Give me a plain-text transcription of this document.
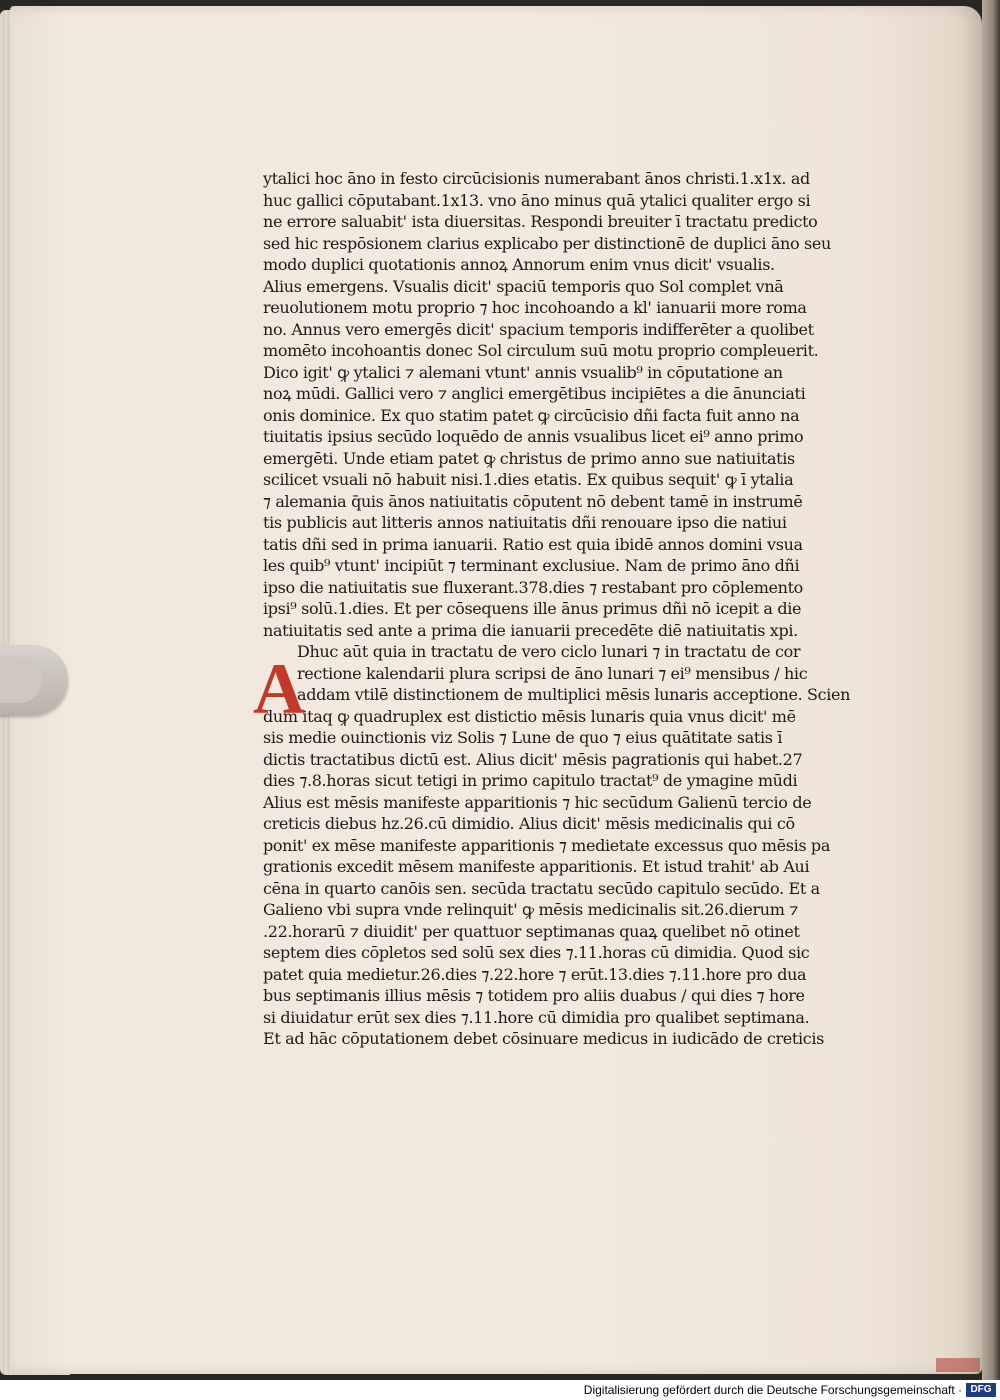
A
ytalici hoc āno in festo circūcisionis numerabant ānos christi.1.x1x. ad
huc gallici cōputabant.1x13. vno āno minus quā ytalici qualiter ergo si
ne errore saluabit' ista diuersitas. Respondi breuiter ī tractatu predicto
sed hic respōsionem clarius explicabo per distinctionē de duplici āno seu
modo duplici quotationis annoꝝ Annorum enim vnus dicit' vsualis.
Alius emergens. Vsualis dicit' spaciū temporis quo Sol complet vnā
reuolutionem motu proprio ⁊ hoc incohoando a kl' ianuarii more roma
no. Annus vero emergēs dicit' spacium temporis indifferēter a quolibet
momēto incohoantis donec Sol circulum suū motu proprio compleuerit.
Dico igit' ꝙ ytalici ⁊ alemani vtunt' annis vsualib⁹ in cōputatione an
noꝝ mūdi. Gallici vero ⁊ anglici emergētibus incipiētes a die ānunciati
onis dominice. Ex quo statim patet ꝙ circūcisio dñi facta fuit anno na
tiuitatis ipsius secūdo loquēdo de annis vsualibus licet ei⁹ anno primo
emergēti. Unde etiam patet ꝙ christus de primo anno sue natiuitatis
scilicet vsuali nō habuit nisi.1.dies etatis. Ex quibus sequit' ꝙ ī ytalia
⁊ alemania q̄uis ānos natiuitatis cōputent nō debent tamē in instrumē
tis publicis aut litteris annos natiuitatis dñi renouare ipso die natiui
tatis dñi sed in prima ianuarii. Ratio est quia ibidē annos domini vsua
les quib⁹ vtunt' incipiūt ⁊ terminant exclusiue. Nam de primo āno dñi
ipso die natiuitatis sue fluxerant.378.dies ⁊ restabant pro cōplemento
ipsi⁹ solū.1.dies. Et per cōsequens ille ānus primus dñi nō icepit a die
natiuitatis sed ante a prima die ianuarii precedēte diē natiuitatis xpi.
Dhuc aūt quia in tractatu de vero ciclo lunari ⁊ in tractatu de cor
rectione kalendarii plura scripsi de āno lunari ⁊ ei⁹ mensibus / hic
addam vtilē distinctionem de multiplici mēsis lunaris acceptione. Scien
dum itaq ꝙ quadruplex est distictio mēsis lunaris quia vnus dicit' mē
sis medie ouinctionis viz Solis ⁊ Lune de quo ⁊ eius quātitate satis ī
dictis tractatibus dictū est. Alius dicit' mēsis pagrationis qui habet.27
dies ⁊.8.horas sicut tetigi in primo capitulo tractat⁹ de ymagine mūdi
Alius est mēsis manifeste apparitionis ⁊ hic secūdum Galienū tercio de
creticis diebus hz.26.cū dimidio. Alius dicit' mēsis medicinalis qui cō
ponit' ex mēse manifeste apparitionis ⁊ medietate excessus quo mēsis pa
grationis excedit mēsem manifeste apparitionis. Et istud trahit' ab Aui
cēna in quarto canōis sen. secūda tractatu secūdo capitulo secūdo. Et a
Galieno vbi supra vnde relinquit' ꝙ mēsis medicinalis sit.26.dierum ⁊
.22.horarū ⁊ diuidit' per quattuor septimanas quaꝝ quelibet nō otinet
septem dies cōpletos sed solū sex dies ⁊.11.horas cū dimidia. Quod sic
patet quia medietur.26.dies ⁊.22.hore ⁊ erūt.13.dies ⁊.11.hore pro dua
bus septimanis illius mēsis ⁊ totidem pro aliis duabus / qui dies ⁊ hore
si diuidatur erūt sex dies ⁊.11.hore cū dimidia pro qualibet septimana.
Et ad hāc cōputationem debet cōsinuare medicus in iudicādo de creticis
Digitalisierung gefördert durch die Deutsche Forschungsgemeinschaft · DFG
